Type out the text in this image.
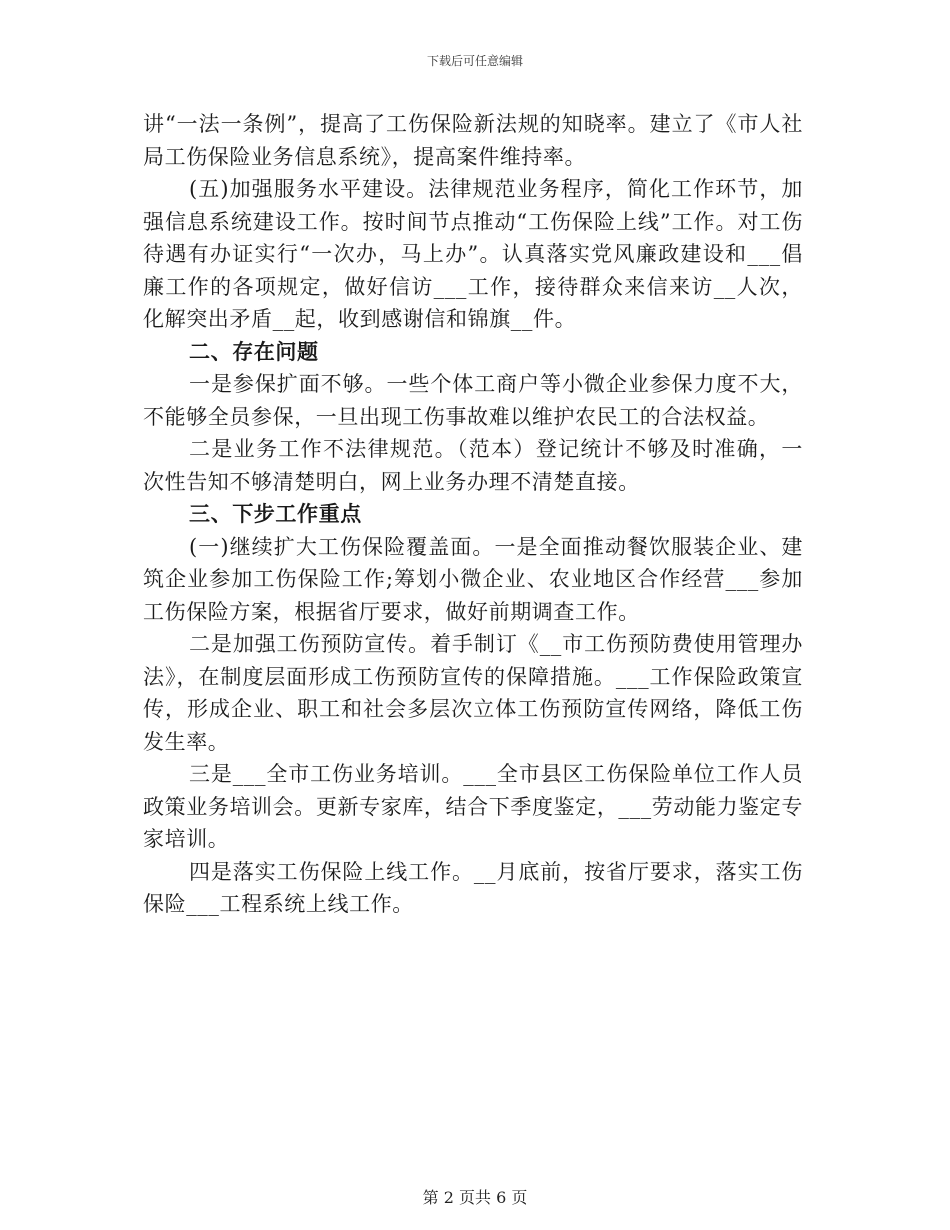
下载后可任意编辑

讲“一法一条例”，提高了工伤保险新法规的知晓率。建立了《市人社局工伤保险业务信息系统》，提高案件维持率。

(五)加强服务水平建设。法律规范业务程序，简化工作环节，加强信息系统建设工作。按时间节点推动“工伤保险上线”工作。对工伤待遇有办证实行“一次办，马上办”。认真落实党风廉政建设和___倡廉工作的各项规定，做好信访___工作，接待群众来信来访__人次，化解突出矛盾__起，收到感谢信和锦旗__件。

二、存在问题

一是参保扩面不够。一些个体工商户等小微企业参保力度不大，不能够全员参保，一旦出现工伤事故难以维护农民工的合法权益。

二是业务工作不法律规范。（范本）登记统计不够及时准确，一次性告知不够清楚明白，网上业务办理不清楚直接。

三、下步工作重点

(一)继续扩大工伤保险覆盖面。一是全面推动餐饮服装企业、建筑企业参加工伤保险工作;筹划小微企业、农业地区合作经营___参加工伤保险方案，根据省厅要求，做好前期调查工作。

二是加强工伤预防宣传。着手制订《__市工伤预防费使用管理办法》，在制度层面形成工伤预防宣传的保障措施。___工作保险政策宣传，形成企业、职工和社会多层次立体工伤预防宣传网络，降低工伤发生率。

三是___全市工伤业务培训。___全市县区工伤保险单位工作人员政策业务培训会。更新专家库，结合下季度鉴定，___劳动能力鉴定专家培训。

四是落实工伤保险上线工作。__月底前，按省厅要求，落实工伤保险___工程系统上线工作。

第 2 页共 6 页
